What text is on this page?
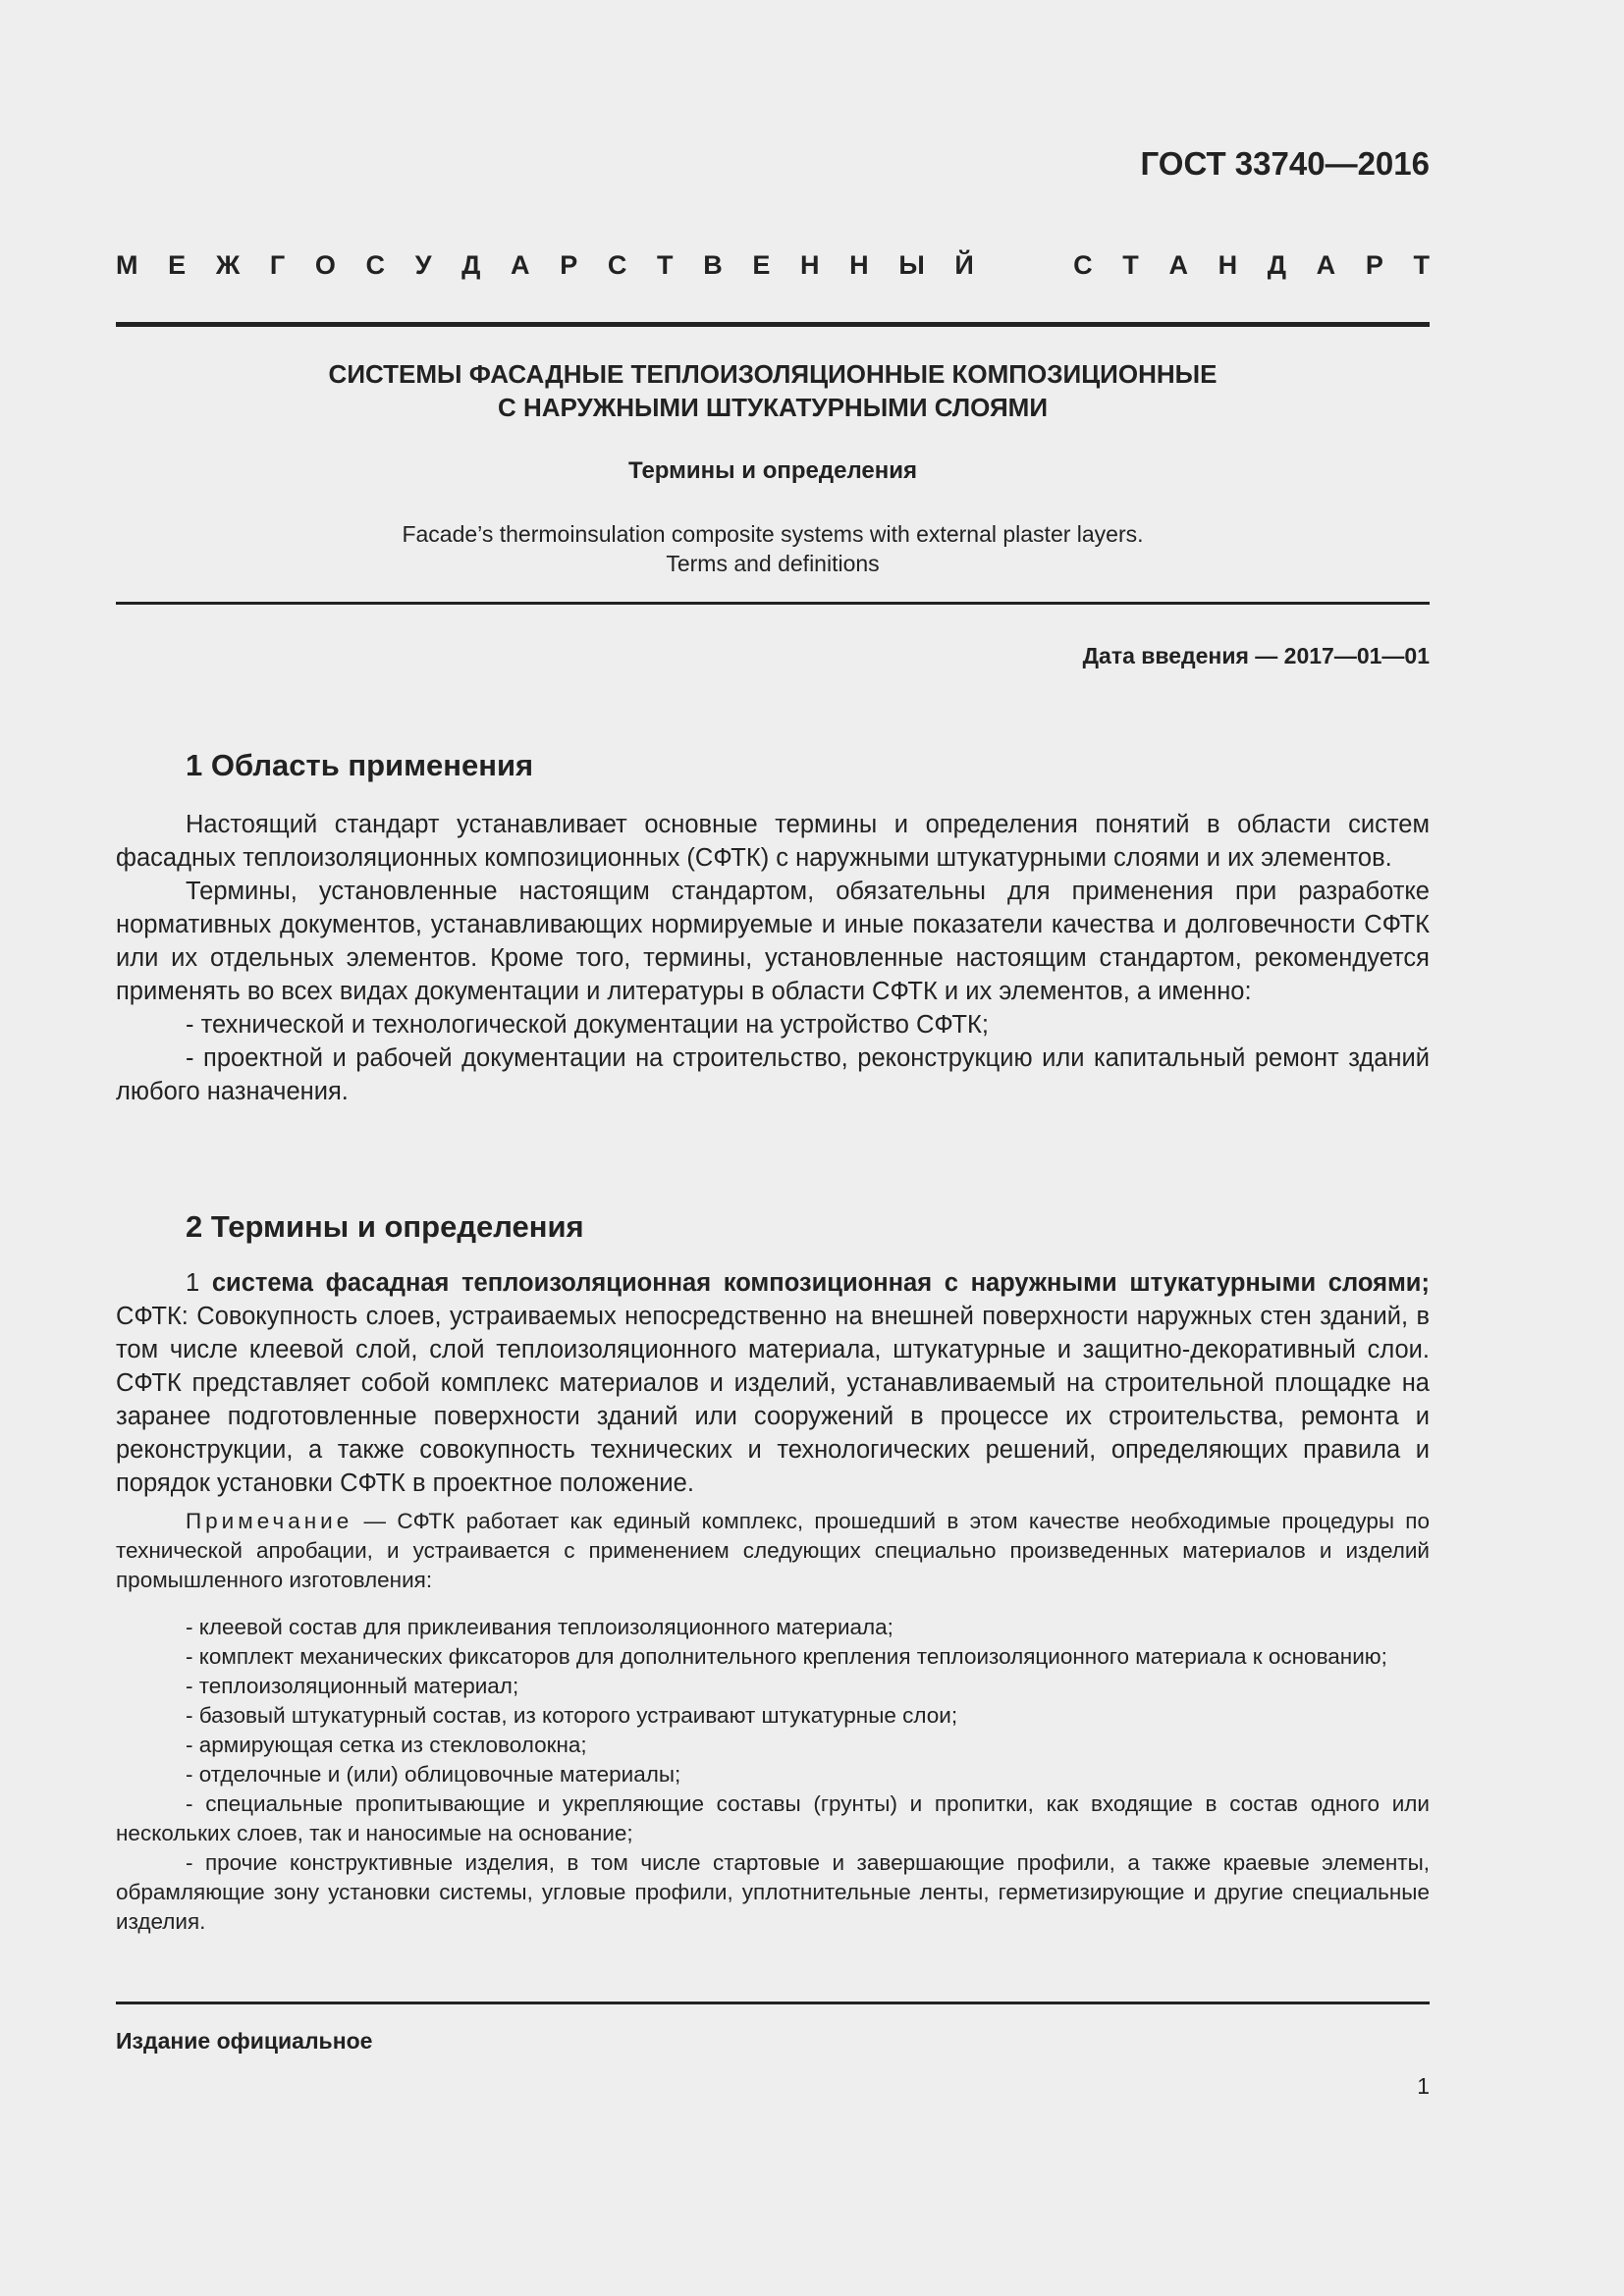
ГОСТ 33740—2016
М Е Ж Г О С У Д А Р С Т В Е Н Н Ы Й	С Т А Н Д А Р Т
СИСТЕМЫ ФАСАДНЫЕ ТЕПЛОИЗОЛЯЦИОННЫЕ КОМПОЗИЦИОННЫЕ
С НАРУЖНЫМИ ШТУКАТУРНЫМИ СЛОЯМИ
Термины и определения
Facade’s thermoinsulation composite systems with external plaster layers.
Terms and definitions
Дата введения — 2017—01—01
1 Область применения

Настоящий стандарт устанавливает основные термины и определения понятий в области систем фасадных теплоизоляционных композиционных (СФТК) с наружными штукатурными слоями и их элементов.

Термины, установленные настоящим стандартом, обязательны для применения при разработке нормативных документов, устанавливающих нормируемые и иные показатели качества и долговечности СФТК или их отдельных элементов. Кроме того, термины, установленные настоящим стандартом, рекомендуется применять во всех видах документации и литературы в области СФТК и их элементов, а именно:

- технической и технологической документации на устройство СФТК;

- проектной и рабочей документации на строительство, реконструкцию или капитальный ремонт зданий любого назначения.

2 Термины и определения

1 система фасадная теплоизоляционная композиционная с наружными штукатурными слоями; СФТК: Совокупность слоев, устраиваемых непосредственно на внешней поверхности наружных стен зданий, в том числе клеевой слой, слой теплоизоляционного материала, штукатурные и защитно-декоративный слои. СФТК представляет собой комплекс материалов и изделий, устанавливаемый на строительной площадке на заранее подготовленные поверхности зданий или сооружений в процессе их строительства, ремонта и реконструкции, а также совокупность технических и технологических решений, определяющих правила и порядок установки СФТК в проектное положение.

Примечание — СФТК работает как единый комплекс, прошедший в этом качестве необходимые процедуры по технической апробации, и устраивается с применением следующих специально произведенных материалов и изделий промышленного изготовления:

- клеевой состав для приклеивания теплоизоляционного материала;

- комплект механических фиксаторов для дополнительного крепления теплоизоляционного материала к основанию;

- теплоизоляционный материал;

- базовый штукатурный состав, из которого устраивают штукатурные слои;

- армирующая сетка из стекловолокна;

- отделочные и (или) облицовочные материалы;

- специальные пропитывающие и укрепляющие составы (грунты) и пропитки, как входящие в состав одного или нескольких слоев, так и наносимые на основание;

- прочие конструктивные изделия, в том числе стартовые и завершающие профили, а также краевые элементы, обрамляющие зону установки системы, угловые профили, уплотнительные ленты, герметизирующие и другие специальные изделия.

Издание официальное
1
